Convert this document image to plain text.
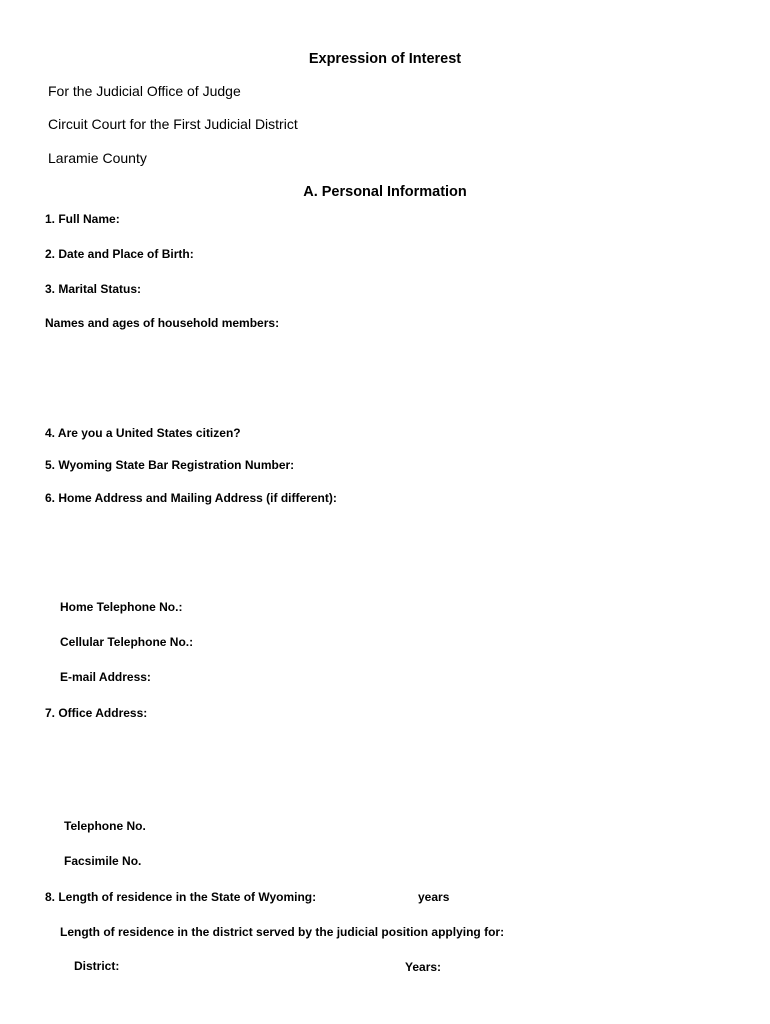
Expression of Interest
For the Judicial Office of Judge
Circuit Court for the First Judicial District
Laramie County
A. Personal Information
1. Full Name:
2. Date and Place of Birth:
3. Marital Status:
Names and ages of household members:
4. Are you a United States citizen?
5. Wyoming State Bar Registration Number:
6. Home Address and Mailing Address (if different):
Home Telephone No.:
Cellular Telephone No.:
E-mail Address:
7. Office Address:
Telephone No.
Facsimile No.
8. Length of residence in the State of Wyoming:	years
Length of residence in the district served by the judicial position applying for:
District:	Years:
